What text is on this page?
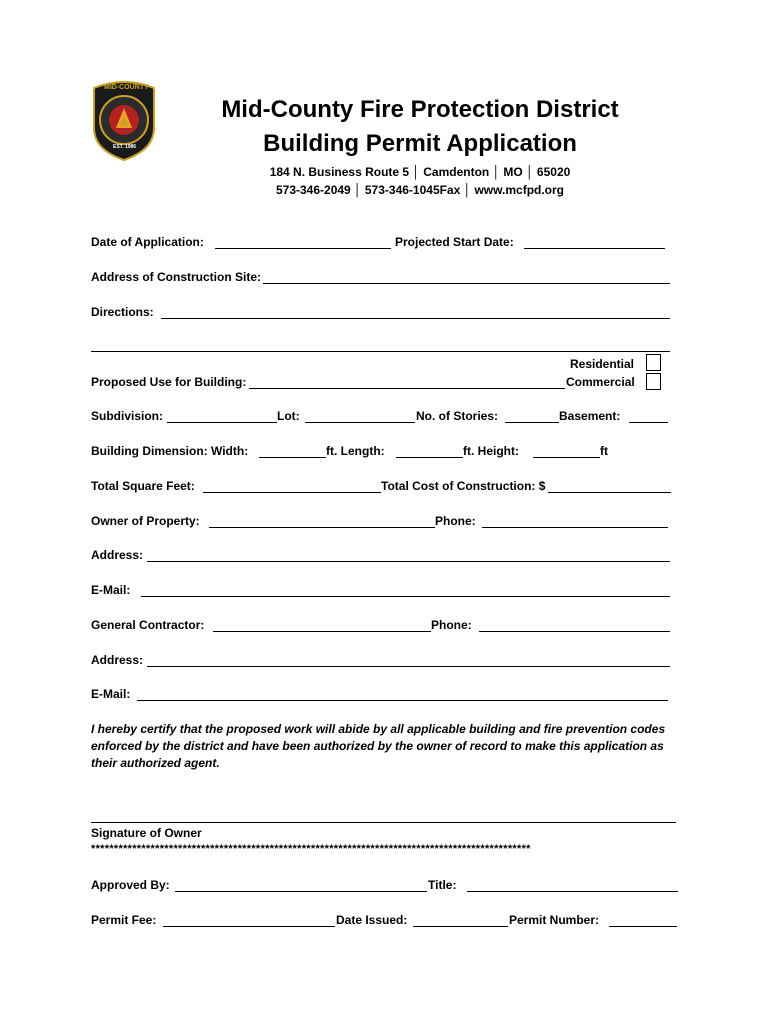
MID-COUNTY
EST. 1986
Mid-County Fire Protection District
Building Permit Application
184 N. Business Route 5 │ Camdenton │ MO │ 65020
573-346-2049 │ 573-346-1045Fax │ www.mcfpd.org
Date of Application:	Projected Start Date:
Address of Construction Site:
Directions:
Residential
Proposed Use for Building:	Commercial
Subdivision:	Lot:	No. of Stories:	Basement:
Building Dimension: Width:	ft. Length:	ft. Height:	ft
Total Square Feet:	Total Cost of Construction: $
Owner of Property:	Phone:
Address:
E-Mail:
General Contractor:	Phone:
Address:
E-Mail:
I hereby certify that the proposed work will abide by all applicable building and fire prevention codes enforced by the district and have been authorized by the owner of record to make this application as their authorized agent.
Signature of Owner
************************************************************************************************
Approved By:	Title:
Permit Fee:	Date Issued:	Permit Number:
